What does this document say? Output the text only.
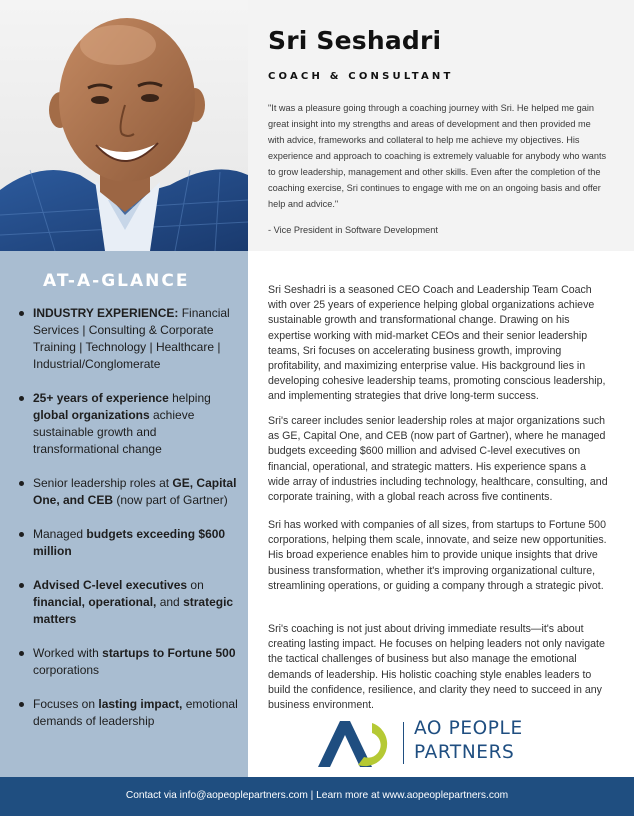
Sri Seshadri
COACH & CONSULTANT
"It was a pleasure going through a coaching journey with Sri. He helped me gain great insight into my strengths and areas of development and then provided me with advice, frameworks and collateral to help me achieve my objectives. His experience and approach to coaching is extremely valuable for anybody who wants to grow leadership, management and other skills. Even after the completion of the coaching exercise, Sri continues to engage with me on an ongoing basis and offer help and advice."
- Vice President in Software Development
AT-A-GLANCE
INDUSTRY EXPERIENCE: Financial Services | Consulting & Corporate Training | Technology | Healthcare | Industrial/Conglomerate
25+ years of experience helping global organizations achieve sustainable growth and transformational change
Senior leadership roles at GE, Capital One, and CEB (now part of Gartner)
Managed budgets exceeding $600 million
Advised C-level executives on financial, operational, and strategic matters
Worked with startups to Fortune 500 corporations
Focuses on lasting impact, emotional demands of leadership
Sri Seshadri is a seasoned CEO Coach and Leadership Team Coach with over 25 years of experience helping global organizations achieve sustainable growth and transformational change. Drawing on his expertise working with mid-market CEOs and their senior leadership teams, Sri focuses on accelerating business growth, improving profitability, and maximizing enterprise value. His background lies in developing cohesive leadership teams, promoting conscious leadership, and implementing strategies that drive long-term success.
Sri's career includes senior leadership roles at major organizations such as GE, Capital One, and CEB (now part of Gartner), where he managed budgets exceeding $600 million and advised C-level executives on financial, operational, and strategic matters. His experience spans a wide array of industries including technology, healthcare, consulting, and corporate training, with a global reach across five continents.
Sri has worked with companies of all sizes, from startups to Fortune 500 corporations, helping them scale, innovate, and seize new opportunities. His broad experience enables him to provide unique insights that drive business transformation, whether it's improving organizational culture, streamlining operations, or guiding a company through a strategic pivot.
Sri's coaching is not just about driving immediate results—it's about creating lasting impact. He focuses on helping leaders not only navigate the tactical challenges of business but also manage the emotional demands of leadership. His holistic coaching style enables leaders to build the confidence, resilience, and clarity they need to succeed in any business environment.
AO PEOPLE
PARTNERS
Contact via info@aopeoplepartners.com | Learn more at www.aopeoplepartners.com
